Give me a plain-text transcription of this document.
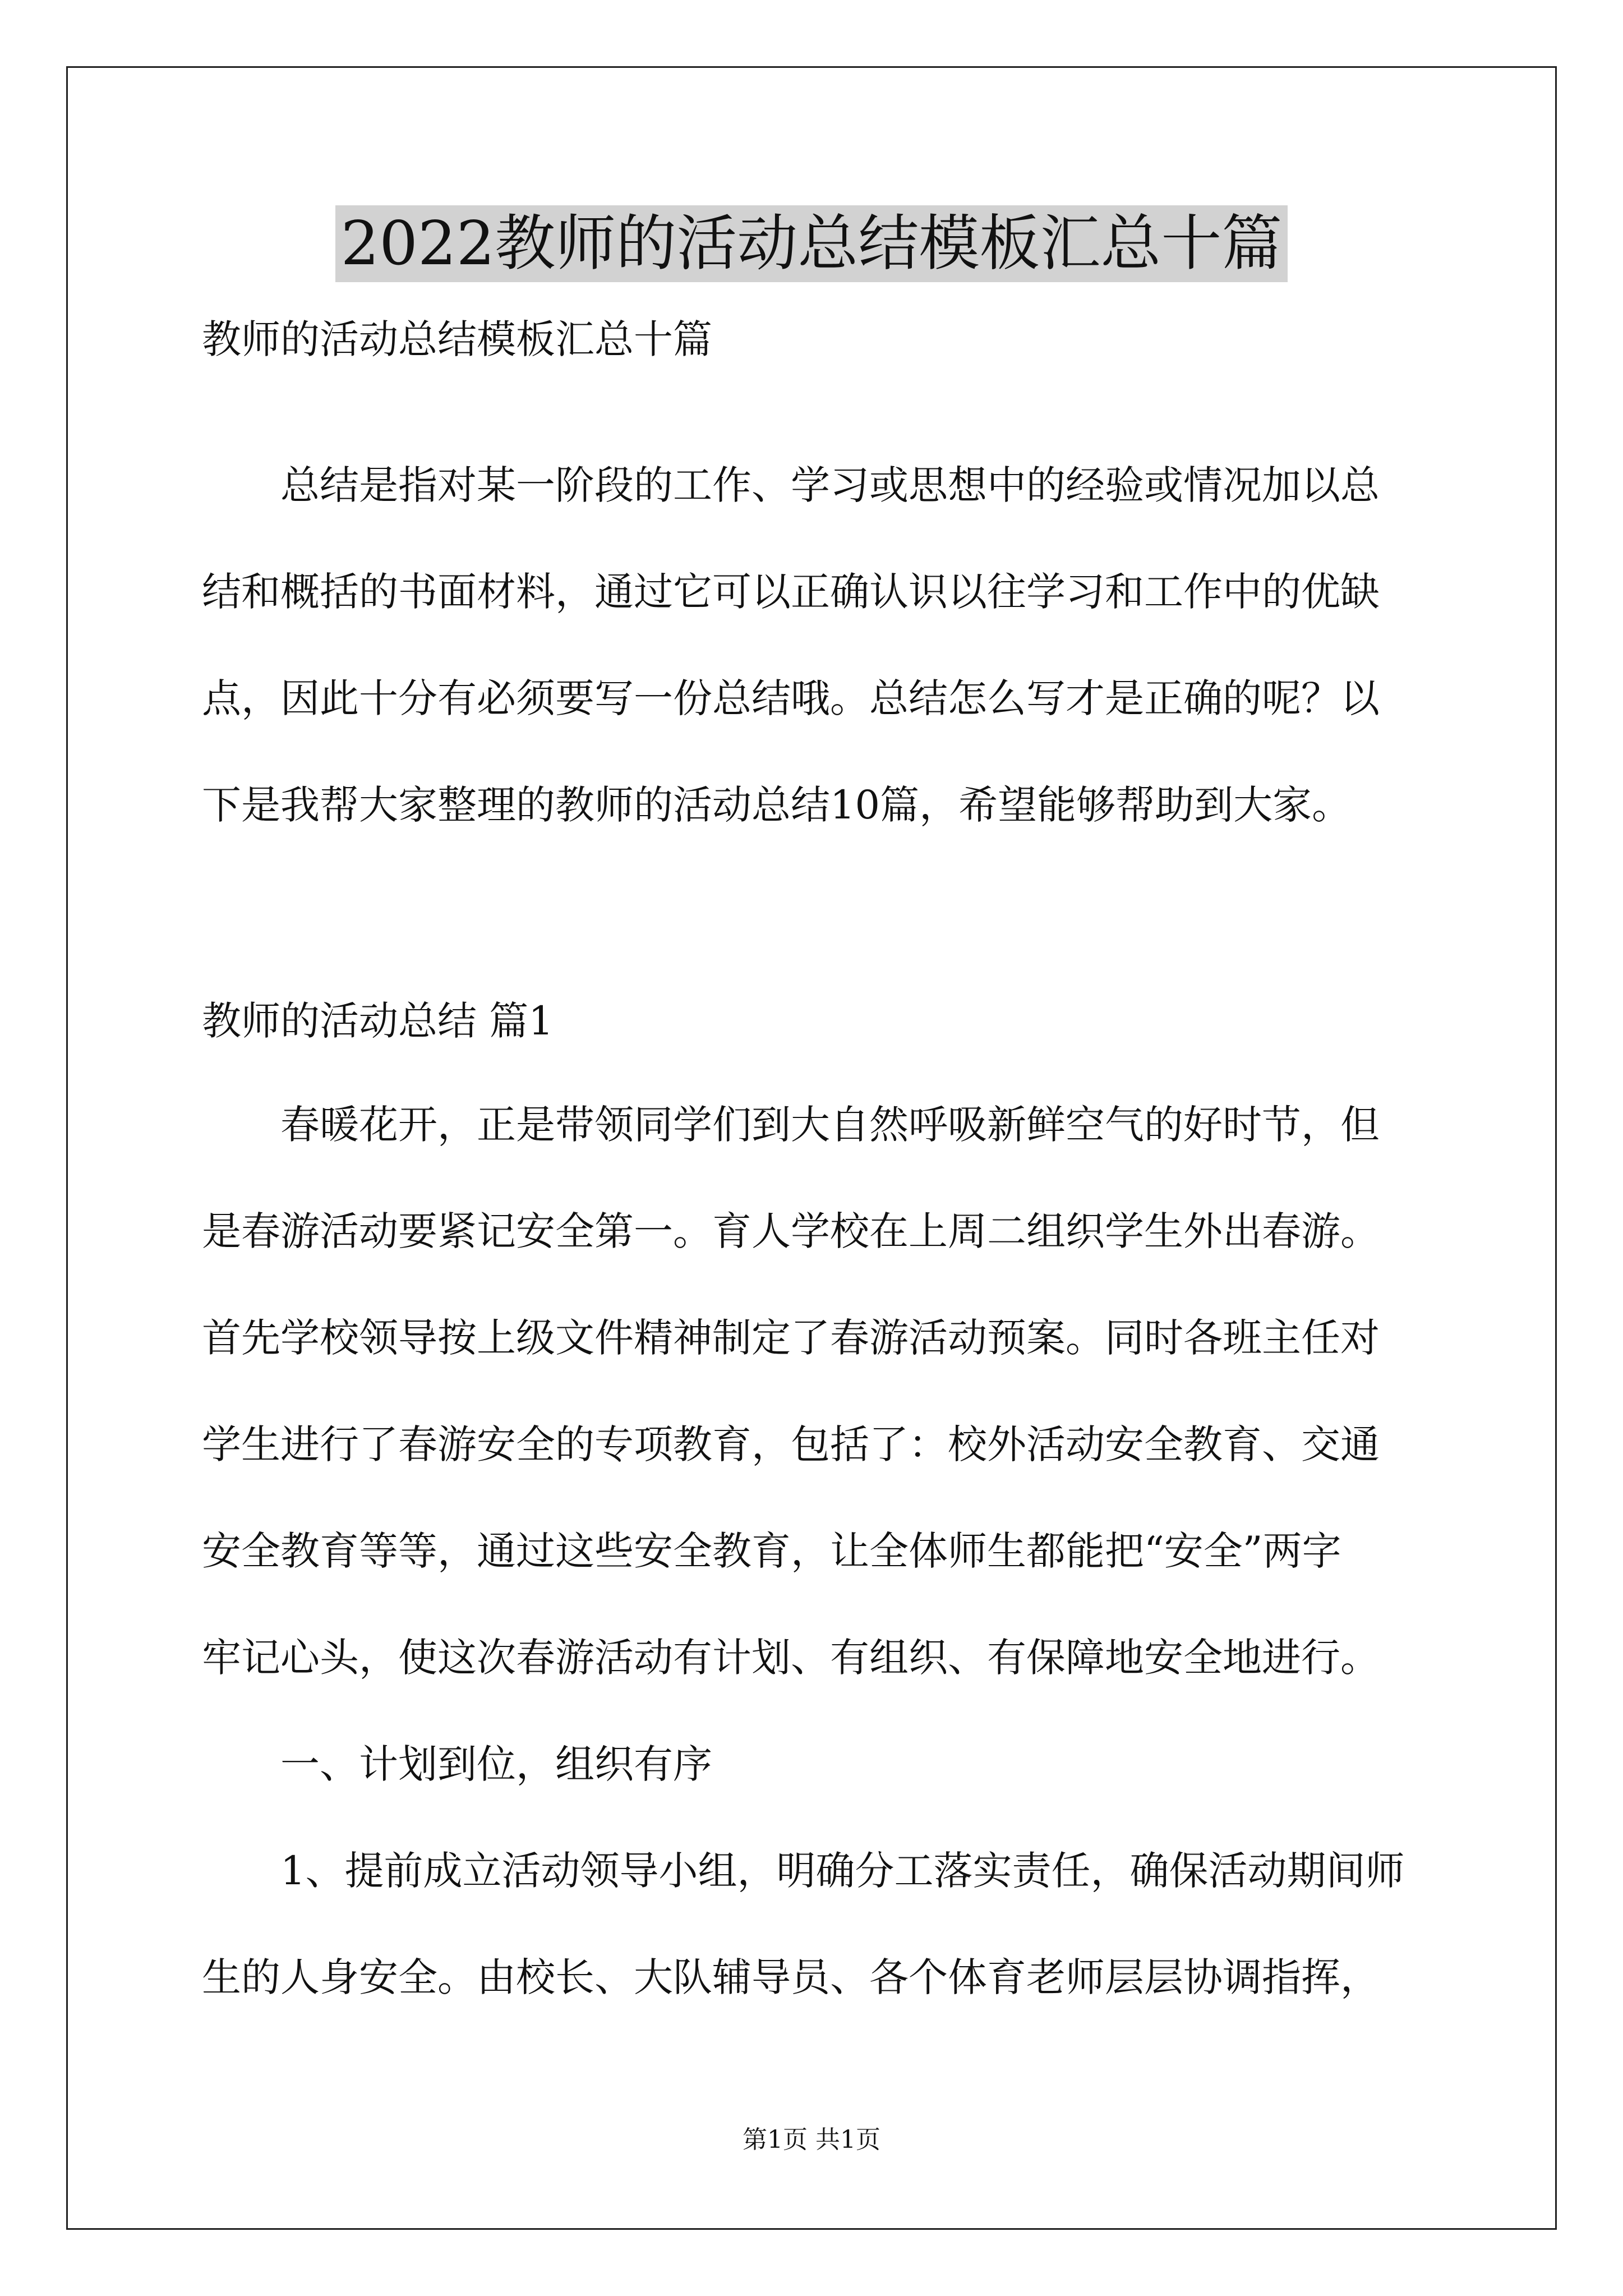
2022教师的活动总结模板汇总十篇

教师的活动总结模板汇总十篇

总结是指对某一阶段的工作、学习或思想中的经验或情况加以总

结和概括的书面材料，通过它可以正确认识以往学习和工作中的优缺

点，因此十分有必须要写一份总结哦。总结怎么写才是正确的呢？以

下是我帮大家整理的教师的活动总结10篇，希望能够帮助到大家。

教师的活动总结 篇1

春暖花开，正是带领同学们到大自然呼吸新鲜空气的好时节，但

是春游活动要紧记安全第一。育人学校在上周二组织学生外出春游。

首先学校领导按上级文件精神制定了春游活动预案。同时各班主任对

学生进行了春游安全的专项教育，包括了：校外活动安全教育、交通

安全教育等等，通过这些安全教育，让全体师生都能把“安全”两字

牢记心头，使这次春游活动有计划、有组织、有保障地安全地进行。

一、计划到位，组织有序

1、提前成立活动领导小组，明确分工落实责任，确保活动期间师

生的人身安全。由校长、大队辅导员、各个体育老师层层协调指挥，

第1页 共1页
